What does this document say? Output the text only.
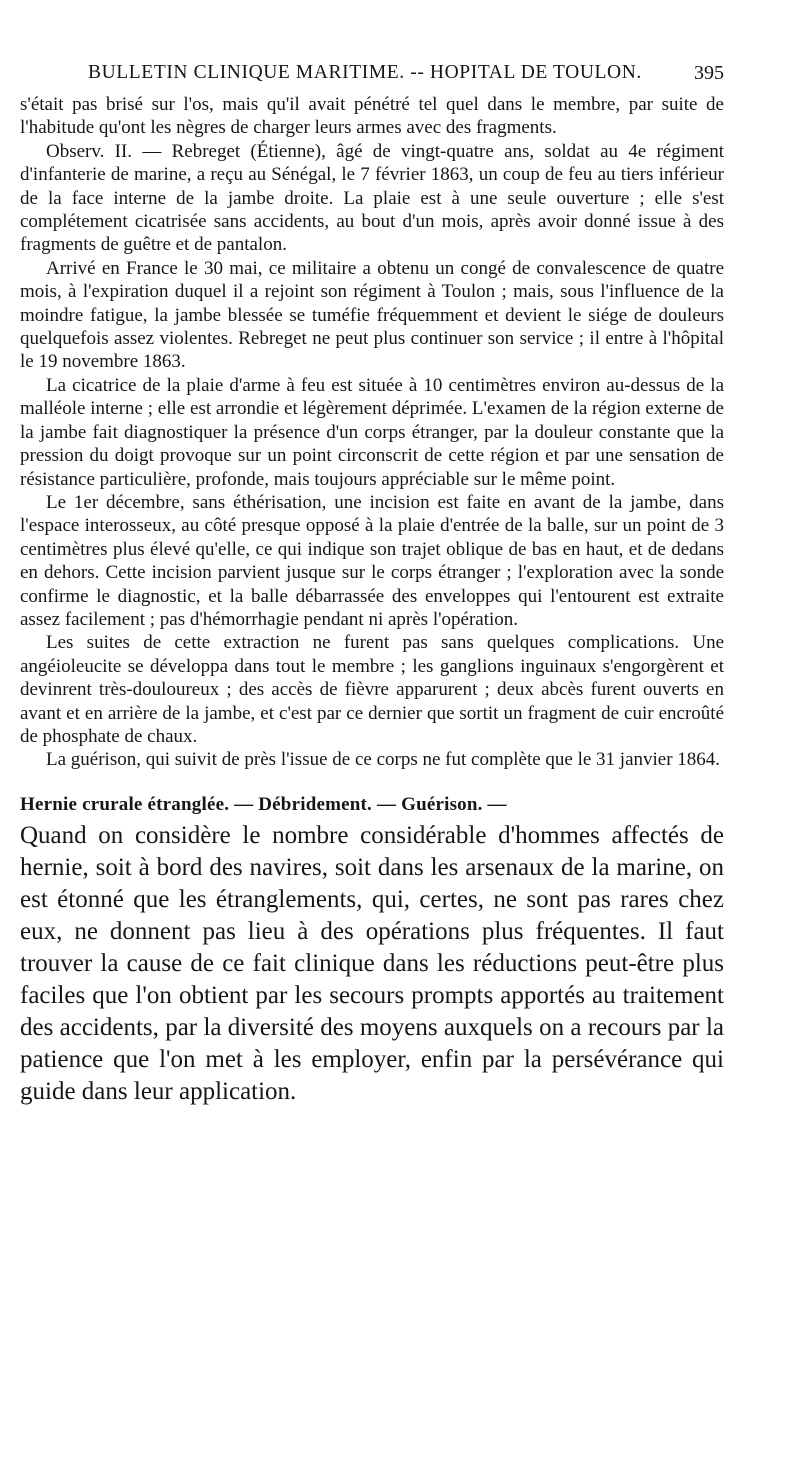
BULLETIN CLINIQUE MARITIME. -- HOPITAL DE TOULON.	395

s'était pas brisé sur l'os, mais qu'il avait pénétré tel quel dans le membre, par suite de l'habitude qu'ont les nègres de charger leurs armes avec des fragments.

Observ. II. — Rebreget (Étienne), âgé de vingt-quatre ans, soldat au 4e régiment d'infanterie de marine, a reçu au Sénégal, le 7 février 1863, un coup de feu au tiers inférieur de la face interne de la jambe droite. La plaie est à une seule ouverture ; elle s'est complétement cicatrisée sans accidents, au bout d'un mois, après avoir donné issue à des fragments de guêtre et de pantalon.

Arrivé en France le 30 mai, ce militaire a obtenu un congé de convalescence de quatre mois, à l'expiration duquel il a rejoint son régiment à Toulon ; mais, sous l'influence de la moindre fatigue, la jambe blessée se tuméfie fréquemment et devient le siége de douleurs quelquefois assez violentes. Rebreget ne peut plus continuer son service ; il entre à l'hôpital le 19 novembre 1863.

La cicatrice de la plaie d'arme à feu est située à 10 centimètres environ au-dessus de la malléole interne ; elle est arrondie et légèrement déprimée. L'examen de la région externe de la jambe fait diagnostiquer la présence d'un corps étranger, par la douleur constante que la pression du doigt provoque sur un point circonscrit de cette région et par une sensation de résistance particulière, profonde, mais toujours appréciable sur le même point.

Le 1er décembre, sans éthérisation, une incision est faite en avant de la jambe, dans l'espace interosseux, au côté presque opposé à la plaie d'entrée de la balle, sur un point de 3 centimètres plus élevé qu'elle, ce qui indique son trajet oblique de bas en haut, et de dedans en dehors. Cette incision parvient jusque sur le corps étranger ; l'exploration avec la sonde confirme le diagnostic, et la balle débarrassée des enveloppes qui l'entourent est extraite assez facilement ; pas d'hémorrhagie pendant ni après l'opération.

Les suites de cette extraction ne furent pas sans quelques complications. Une angéioleucite se développa dans tout le membre ; les ganglions inguinaux s'engorgèrent et devinrent très-douloureux ; des accès de fièvre apparurent ; deux abcès furent ouverts en avant et en arrière de la jambe, et c'est par ce dernier que sortit un fragment de cuir encroûté de phosphate de chaux.

La guérison, qui suivit de près l'issue de ce corps ne fut complète que le 31 janvier 1864.

Hernie crurale étranglée. — Débridement. — Guérison. —

Quand on considère le nombre considérable d'hommes affectés de hernie, soit à bord des navires, soit dans les arsenaux de la marine, on est étonné que les étranglements, qui, certes, ne sont pas rares chez eux, ne donnent pas lieu à des opérations plus fréquentes. Il faut trouver la cause de ce fait clinique dans les réductions peut-être plus faciles que l'on obtient par les secours prompts apportés au traitement des accidents, par la diversité des moyens auxquels on a recours par la patience que l'on met à les employer, enfin par la persévérance qui guide dans leur application.
